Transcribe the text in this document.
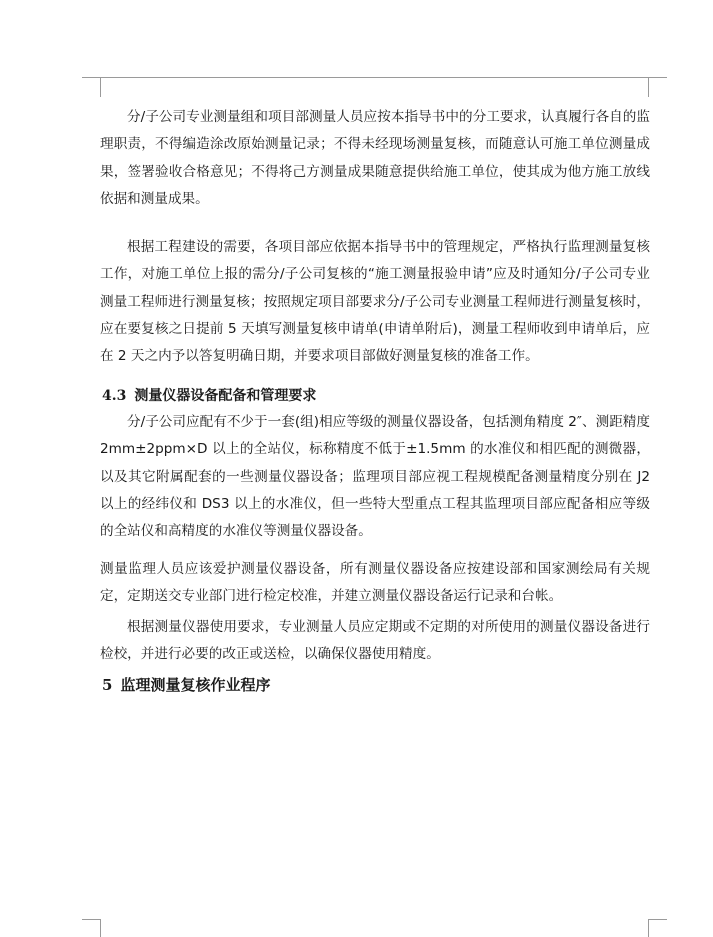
分/子公司专业测量组和项目部测量人员应按本指导书中的分工要求，认真履行各自的监理职责，不得编造涂改原始测量记录；不得未经现场测量复核，而随意认可施工单位测量成果，签署验收合格意见；不得将己方测量成果随意提供给施工单位，使其成为他方施工放线依据和测量成果。

根据工程建设的需要，各项目部应依据本指导书中的管理规定，严格执行监理测量复核工作，对施工单位上报的需分/子公司复核的“施工测量报验申请”应及时通知分/子公司专业测量工程师进行测量复核；按照规定项目部要求分/子公司专业测量工程师进行测量复核时，应在要复核之日提前 5 天填写测量复核申请单(申请单附后)，测量工程师收到申请单后，应在 2 天之内予以答复明确日期，并要求项目部做好测量复核的准备工作。

4.3 测量仪器设备配备和管理要求

分/子公司应配有不少于一套(组)相应等级的测量仪器设备，包括测角精度 2″、测距精度 2mm±2ppm×D 以上的全站仪，标称精度不低于±1.5mm 的水准仪和相匹配的测微器，以及其它附属配套的一些测量仪器设备；监理项目部应视工程规模配备测量精度分别在 J2 以上的经纬仪和 DS3 以上的水准仪，但一些特大型重点工程其监理项目部应配备相应等级的全站仪和高精度的水准仪等测量仪器设备。

测量监理人员应该爱护测量仪器设备，所有测量仪器设备应按建设部和国家测绘局有关规定，定期送交专业部门进行检定校准，并建立测量仪器设备运行记录和台帐。

根据测量仪器使用要求，专业测量人员应定期或不定期的对所使用的测量仪器设备进行检校，并进行必要的改正或送检，以确保仪器使用精度。

5 监理测量复核作业程序
